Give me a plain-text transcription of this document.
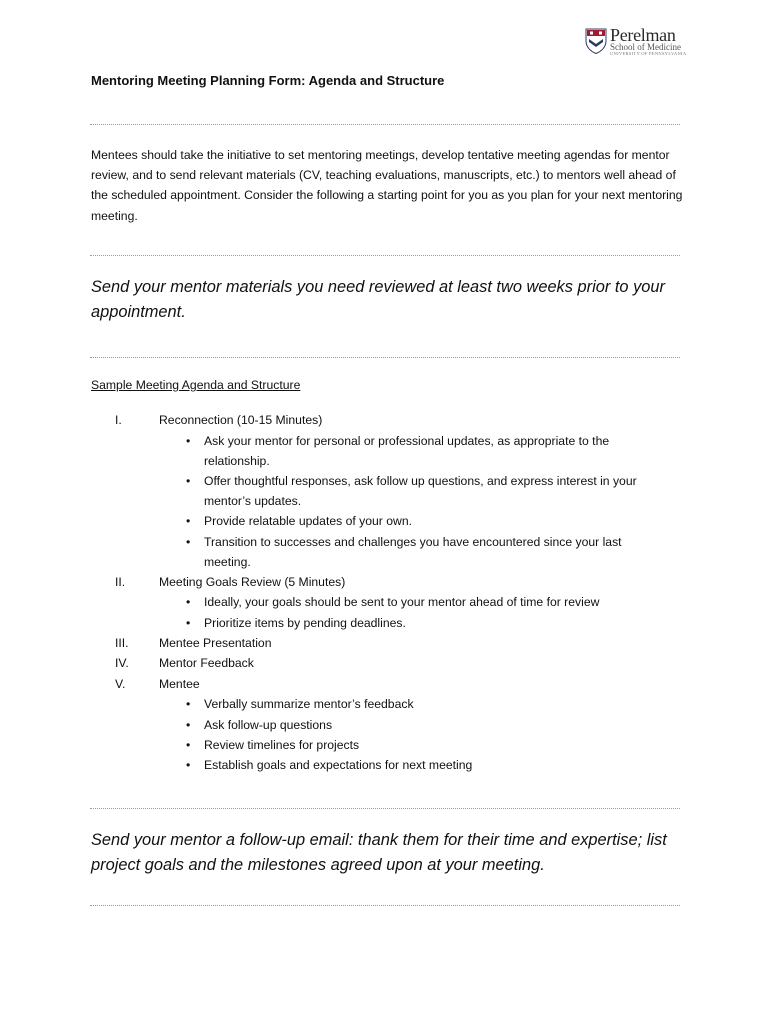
Perelman
School of Medicine
UNIVERSITY OF PENNSYLVANIA
Mentoring Meeting Planning Form: Agenda and Structure
Mentees should take the initiative to set mentoring meetings, develop tentative meeting agendas for mentor review, and to send relevant materials (CV, teaching evaluations, manuscripts, etc.) to mentors well ahead of the scheduled appointment. Consider the following a starting point for you as you plan for your next mentoring meeting.
Send your mentor materials you need reviewed at least two weeks prior to your appointment.
Sample Meeting Agenda and Structure
I.	Reconnection (10-15 Minutes)
• Ask your mentor for personal or professional updates, as appropriate to the relationship.
• Offer thoughtful responses, ask follow up questions, and express interest in your mentor’s updates.
• Provide relatable updates of your own.
• Transition to successes and challenges you have encountered since your last meeting.
II.	Meeting Goals Review (5 Minutes)
• Ideally, your goals should be sent to your mentor ahead of time for review
• Prioritize items by pending deadlines.
III. Mentee Presentation
IV. Mentor Feedback
V.	Mentee
• Verbally summarize mentor’s feedback
• Ask follow-up questions
• Review timelines for projects
• Establish goals and expectations for next meeting
Send your mentor a follow-up email: thank them for their time and expertise; list project goals and the milestones agreed upon at your meeting.
